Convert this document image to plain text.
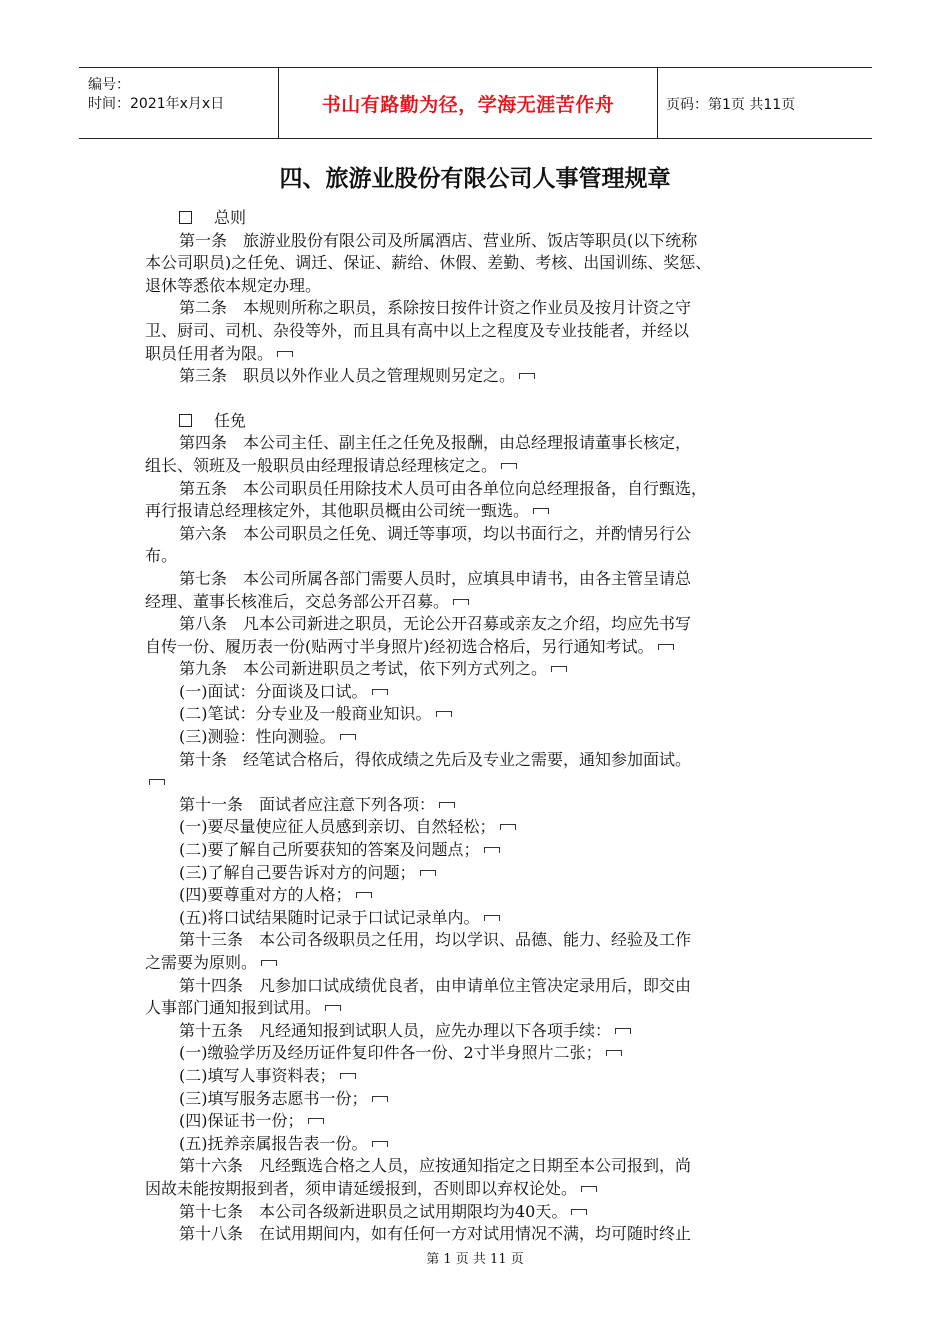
编号：
时间：2021年x月x日	书山有路勤为径，学海无涯苦作舟	页码：第1页 共11页
四、旅游业股份有限公司人事管理规章
总则
第一条　旅游业股份有限公司及所属酒店、营业所、饭店等职员(以下统称
本公司职员)之任免、调迁、保证、薪给、休假、差勤、考核、出国训练、奖惩、
退休等悉依本规定办理。
第二条　本规则所称之职员，系除按日按件计资之作业员及按月计资之守
卫、厨司、司机、杂役等外，而且具有高中以上之程度及专业技能者，并经以
职员任用者为限。
第三条　职员以外作业人员之管理规则另定之。
任免
第四条　本公司主任、副主任之任免及报酬，由总经理报请董事长核定，
组长、领班及一般职员由经理报请总经理核定之。
第五条　本公司职员任用除技术人员可由各单位向总经理报备，自行甄选，
再行报请总经理核定外，其他职员概由公司统一甄选。
第六条　本公司职员之任免、调迁等事项，均以书面行之，并酌情另行公
布。
第七条　本公司所属各部门需要人员时，应填具申请书，由各主管呈请总
经理、董事长核准后，交总务部公开召募。
第八条　凡本公司新进之职员，无论公开召募或亲友之介绍，均应先书写
自传一份、履历表一份(贴两寸半身照片)经初选合格后，另行通知考试。
第九条　本公司新进职员之考试，依下列方式列之。
(一)面试：分面谈及口试。
(二)笔试：分专业及一般商业知识。
(三)测验：性向测验。
第十条　经笔试合格后，得依成绩之先后及专业之需要，通知参加面试。
第十一条　面试者应注意下列各项：
(一)要尽量使应征人员感到亲切、自然轻松；
(二)要了解自己所要获知的答案及问题点；
(三)了解自己要告诉对方的问题；
(四)要尊重对方的人格；
(五)将口试结果随时记录于口试记录单内。
第十三条　本公司各级职员之任用，均以学识、品德、能力、经验及工作
之需要为原则。
第十四条　凡参加口试成绩优良者，由申请单位主管决定录用后，即交由
人事部门通知报到试用。
第十五条　凡经通知报到试职人员，应先办理以下各项手续：
(一)缴验学历及经历证件复印件各一份、2寸半身照片二张；
(二)填写人事资料表；
(三)填写服务志愿书一份；
(四)保证书一份；
(五)抚养亲属报告表一份。
第十六条　凡经甄选合格之人员，应按通知指定之日期至本公司报到，尚
因故未能按期报到者，须申请延缓报到，否则即以弃权论处。
第十七条　本公司各级新进职员之试用期限均为40天。
第十八条　在试用期间内，如有任何一方对试用情况不满，均可随时终止
第 1 页 共 11 页
